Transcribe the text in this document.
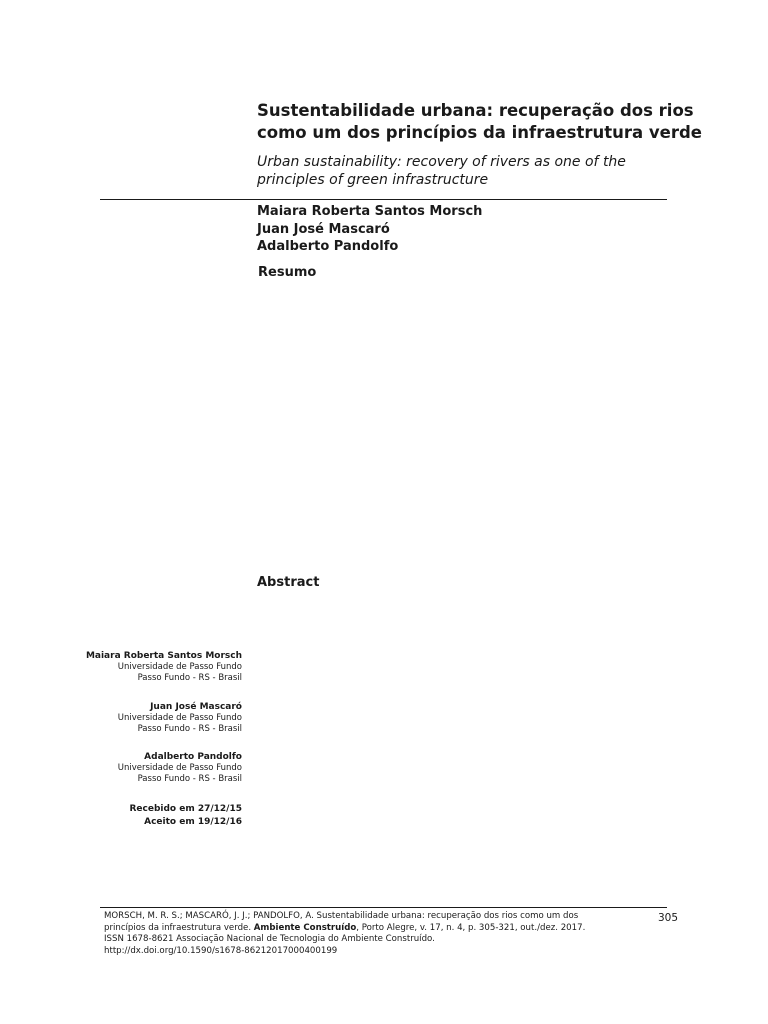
Sustentabilidade urbana: recuperação dos rios
como um dos princípios da infraestrutura verde
Urban sustainability: recovery of rivers as one of the
principles of green infrastructure
Maiara Roberta Santos Morsch
Juan José Mascaró
Adalberto Pandolfo
Resumo
Abstract
Maiara Roberta Santos Morsch
Universidade de Passo Fundo
Passo Fundo - RS - Brasil
Juan José Mascaró
Universidade de Passo Fundo
Passo Fundo - RS - Brasil
Adalberto Pandolfo
Universidade de Passo Fundo
Passo Fundo - RS - Brasil
Recebido em 27/12/15
Aceito em 19/12/16
MORSCH, M. R. S.; MASCARÓ, J. J.; PANDOLFO, A. Sustentabilidade urbana: recuperação dos rios como um dos
princípios da infraestrutura verde. Ambiente Construído, Porto Alegre, v. 17, n. 4, p. 305-321, out./dez. 2017.
ISSN 1678-8621 Associação Nacional de Tecnologia do Ambiente Construído.
http://dx.doi.org/10.1590/s1678-86212017000400199
305
